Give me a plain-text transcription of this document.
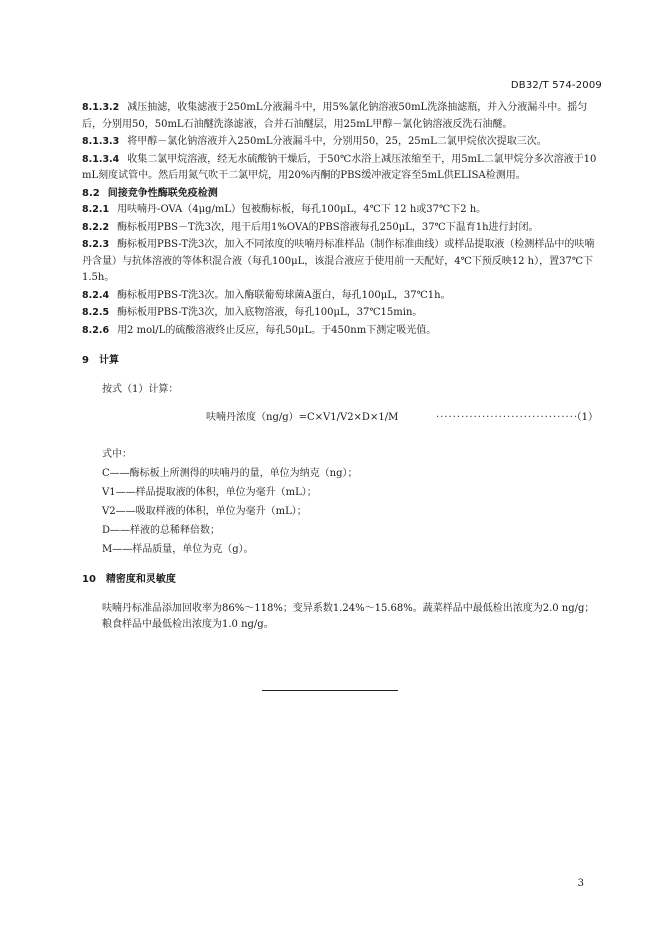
DB32/T 574-2009

8.1.3.2 减压抽滤，收集滤液于250mL分液漏斗中，用5%氯化钠溶液50mL洗涤抽滤瓶，并入分液漏斗中。摇匀后，分别用50，50mL石油醚洗涤滤液，合并石油醚层，用25mL甲醇－氯化钠溶液反洗石油醚。

8.1.3.3 将甲醇－氯化钠溶液并入250mL分液漏斗中，分别用50，25，25mL二氯甲烷依次提取三次。

8.1.3.4 收集二氯甲烷溶液，经无水硫酸钠干燥后，于50℃水浴上减压浓缩至干，用5mL二氯甲烷分多次溶液于10mL刻度试管中。然后用氮气吹干二氯甲烷，用20%丙酮的PBS缓冲液定容至5mL供ELISA检测用。

8.2 间接竞争性酶联免疫检测

8.2.1 用呋喃丹-OVA（4μg/mL）包被酶标板，每孔100μL，4℃下 12 h或37℃下2 h。

8.2.2 酶标板用PBS－T洗3次，甩干后用1%OVA的PBS溶液每孔250μL，37℃下温育1h进行封闭。

8.2.3 酶标板用PBS-T洗3次，加入不同浓度的呋喃丹标准样品（制作标准曲线）或样品提取液（检测样品中的呋喃丹含量）与抗体溶液的等体积混合液（每孔100μL，该混合液应于使用前一天配好，4℃下预反映12 h），置37℃下 1.5h。

8.2.4 酶标板用PBS-T洗3次。加入酶联葡萄球菌A蛋白，每孔100μL，37℃1h。

8.2.5 酶标板用PBS-T洗3次，加入底物溶液，每孔100μL，37℃15min。

8.2.6 用2 mol/L的硫酸溶液终止反应，每孔50μL。于450nm下测定吸光值。

9 计算

按式（1）计算：

呋喃丹浓度（ng/g）=C×V1/V2×D×1/M	··································
（1）

式中：

C——酶标板上所测得的呋喃丹的量，单位为纳克（ng）；

V1——样品提取液的体积，单位为毫升（mL）；

V2——吸取样液的体积，单位为毫升（mL）；

D——样液的总稀释倍数；

M——样品质量，单位为克（g）。

10 精密度和灵敏度

呋喃丹标准品添加回收率为86%～118%；变异系数1.24%～15.68%。蔬菜样品中最低检出浓度为2.0 ng/g；粮食样品中最低检出浓度为1.0 ng/g。

3
